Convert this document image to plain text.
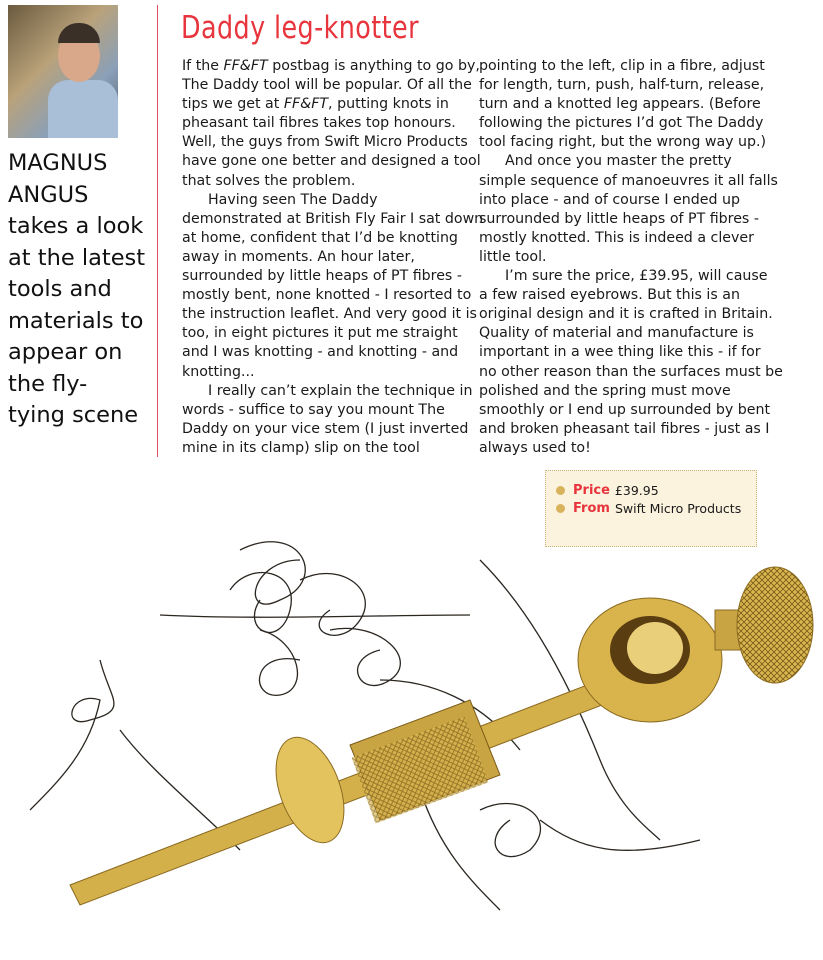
MAGNUS
ANGUS
takes a look
at the latest
tools and
materials to
appear on
the fly-
tying scene
Daddy leg-knotter
If the FF&FT postbag is anything to go by,
The Daddy tool will be popular. Of all the
tips we get at FF&FT, putting knots in
pheasant tail fibres takes top honours.
Well, the guys from Swift Micro Products
have gone one better and designed a tool
that solves the problem.
Having seen The Daddy
demonstrated at British Fly Fair I sat down
at home, confident that I’d be knotting
away in moments. An hour later,
surrounded by little heaps of PT fibres -
mostly bent, none knotted - I resorted to
the instruction leaflet. And very good it is
too, in eight pictures it put me straight
and I was knotting - and knotting - and
knotting...
I really can’t explain the technique in
words - suffice to say you mount The
Daddy on your vice stem (I just inverted
mine in its clamp) slip on the tool
pointing to the left, clip in a fibre, adjust
for length, turn, push, half-turn, release,
turn and a knotted leg appears. (Before
following the pictures I’d got The Daddy
tool facing right, but the wrong way up.)
And once you master the pretty
simple sequence of manoeuvres it all falls
into place - and of course I ended up
surrounded by little heaps of PT fibres -
mostly knotted. This is indeed a clever
little tool.
I’m sure the price, £39.95, will cause
a few raised eyebrows. But this is an
original design and it is crafted in Britain.
Quality of material and manufacture is
important in a wee thing like this - if for
no other reason than the surfaces must be
polished and the spring must move
smoothly or I end up surrounded by bent
and broken pheasant tail fibres - just as I
always used to!
Price £39.95
From Swift Micro Products
